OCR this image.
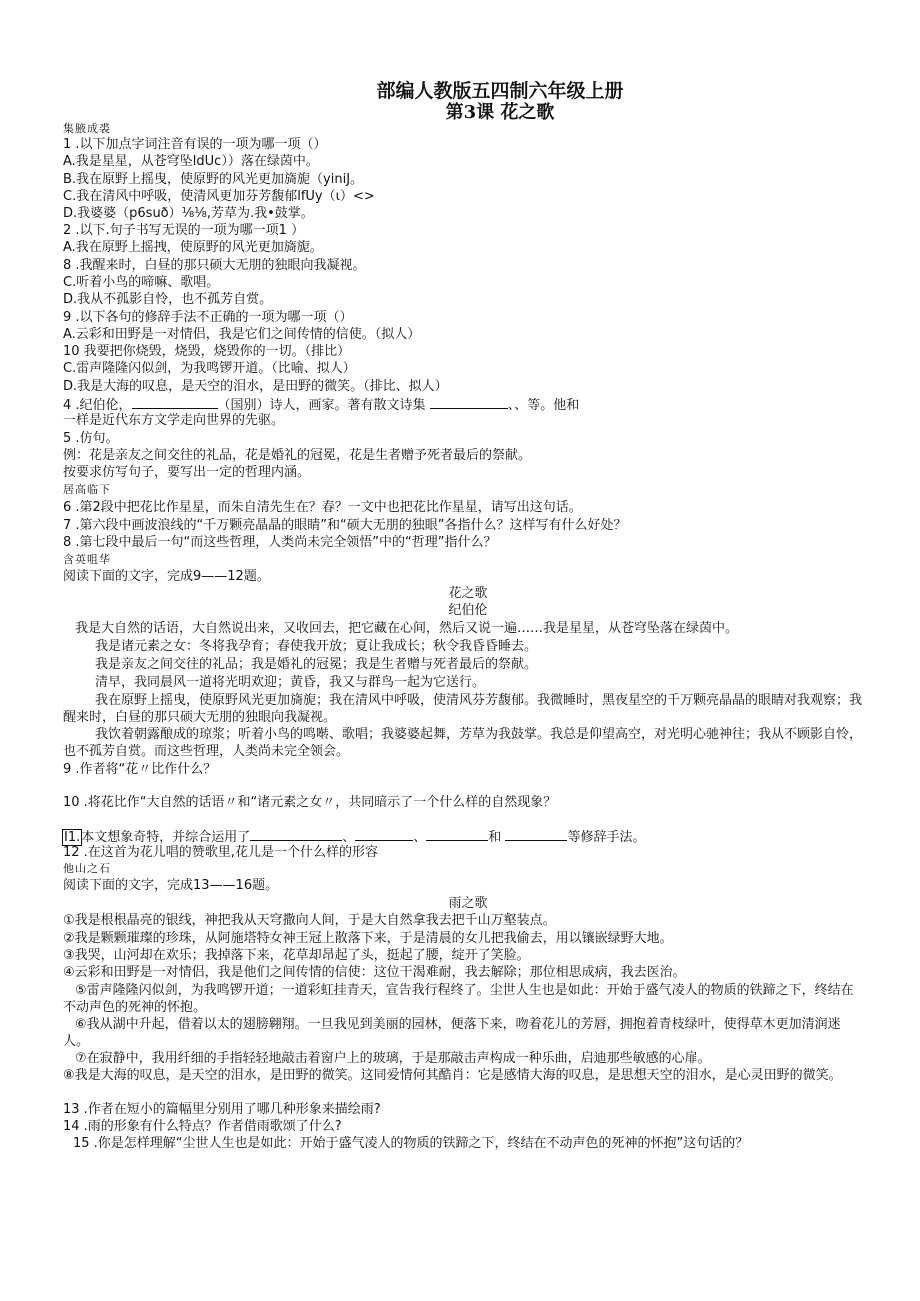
部编人教版五四制六年级上册
第3课 花之歌
集腋成裘
1 .以下加点字词注音有误的一项为哪一项（）
A.我是星星，从苍穹坠ldUc））落在绿茵中。
B.我在原野上摇曳，使原野的风光更加旖旎（yiniJ。
C.我在清风中呼吸，使清风更加芬芳馥郁lfUy（ι）<>
D.我婆婆（p6suð）⅛⅛,芳草为.我•鼓掌。
2 .以下.句子书写无误的一项为哪一项1 ）
A.我在原野上摇拽，使原野的风光更加旖旎。
8 .我醒来时，白昼的那只硕大无朋的独眼向我凝视。
C.听着小鸟的啼嘛、歌唱。
D.我从不孤影自怜，也不孤芳自赏。
9 .以下各句的修辞手法不正确的一项为哪一项（）
A.云彩和田野是一对情侣，我是它们之间传情的信使。（拟人）
10 我要把你烧毁，烧毁，烧毁你的一切。（排比）
C.雷声隆隆闪似剑，为我鸣锣开道。（比喻、拟人）
D.我是大海的叹息，是天空的泪水，是田野的微笑。（排比、拟人）
4 .纪伯伦，	（国别）诗人，画家。著有散文诗集	、、等。他和
一样是近代东方文学走向世界的先驱。
5 .仿句。
例：花是亲友之间交往的礼品，花是婚礼的冠冕，花是生者赠予死者最后的祭献。
按要求仿写句子，要写出一定的哲理内涵。
居高临下
6 .第2段中把花比作星星，而朱自清先生在？春？一文中也把花比作星星，请写出这句话。
7 .第六段中画波浪线的“千万颗亮晶晶的眼睛”和“硕大无朋的独眼”各指什么？这样写有什么好处？
8 .第七段中最后一句“而这些哲理，人类尚未完全领悟”中的“哲理”指什么？
含英咀华
阅读下面的文字，完成9——12题。
花之歌
纪伯伦
我是大自然的话语，大自然说出来，又收回去，把它藏在心间，然后又说一遍……我是星星，从苍穹坠落在绿茵中。
我是诸元素之女：冬将我孕育；春使我开放；夏让我成长；秋令我昏昏睡去。
我是亲友之间交往的礼品；我是婚礼的冠冕；我是生者赠与死者最后的祭献。
清早，我同晨风一道将光明欢迎；黄昏，我又与群鸟一起为它送行。
我在原野上摇曳，使原野风光更加旖旎；我在清风中呼吸，使清风芬芳馥郁。我微睡时，黑夜星空的千万颗亮晶晶的眼睛对我观察；我醒来时，白昼的那只硕大无朋的独眼向我凝视。
我饮着朝露酿成的琼浆；听着小鸟的鸣啭、歌唱；我婆婆起舞，芳草为我鼓掌。我总是仰望高空，对光明心驰神往；我从不顾影自怜，也不孤芳自赏。而这些哲理，人类尚未完全领会。
9 .作者将“花〃比作什么？
10 .将花比作“大自然的话语〃和“诸元素之女〃，共同暗示了一个什么样的自然现象？
I1.本文想象奇特，并综合运用了	、	、	和	等修辞手法。
12 .在这首为花儿唱的赞歌里,花儿是一个什么样的形容
他山之石
阅读下面的文字，完成13——16题。
雨之歌
①我是根根晶亮的银线，神把我从天穹撒向人间，于是大自然拿我去把千山万壑装点。
②我是颗颗璀璨的珍珠，从阿施塔特女神王冠上散落下来，于是清晨的女儿把我偷去，用以镶嵌绿野大地。
③我哭，山河却在欢乐；我掉落下来，花草却昂起了头，挺起了腰，绽开了笑脸。
④云彩和田野是一对情侣，我是他们之间传情的信使：这位干渴难耐，我去解除；那位相思成病，我去医治。
⑤雷声隆隆闪似剑，为我鸣锣开道；一道彩虹挂青天，宣告我行程终了。尘世人生也是如此：开始于盛气凌人的物质的铁蹄之下，终结在不动声色的死神的怀抱。
⑥我从湖中升起，借着以太的翅膀翱翔。一旦我见到美丽的园林，便落下来，吻着花儿的芳唇，拥抱着青枝绿叶，使得草木更加清润迷人。
⑦在寂静中，我用纤细的手指轻轻地敲击着窗户上的玻璃，于是那敲击声构成一种乐曲，启迪那些敏感的心扉。
⑧我是大海的叹息，是天空的泪水，是田野的微笑。这同爱情何其酷肖：它是感情大海的叹息，是思想天空的泪水，是心灵田野的微笑。
13 .作者在短小的篇幅里分别用了哪几种形象来描绘雨?
14 .雨的形象有什么特点？作者借雨歌颂了什么?
15 .你是怎样理解“尘世人生也是如此：开始于盛气凌人的物质的铁蹄之下，终结在不动声色的死神的怀抱”这句话的？
